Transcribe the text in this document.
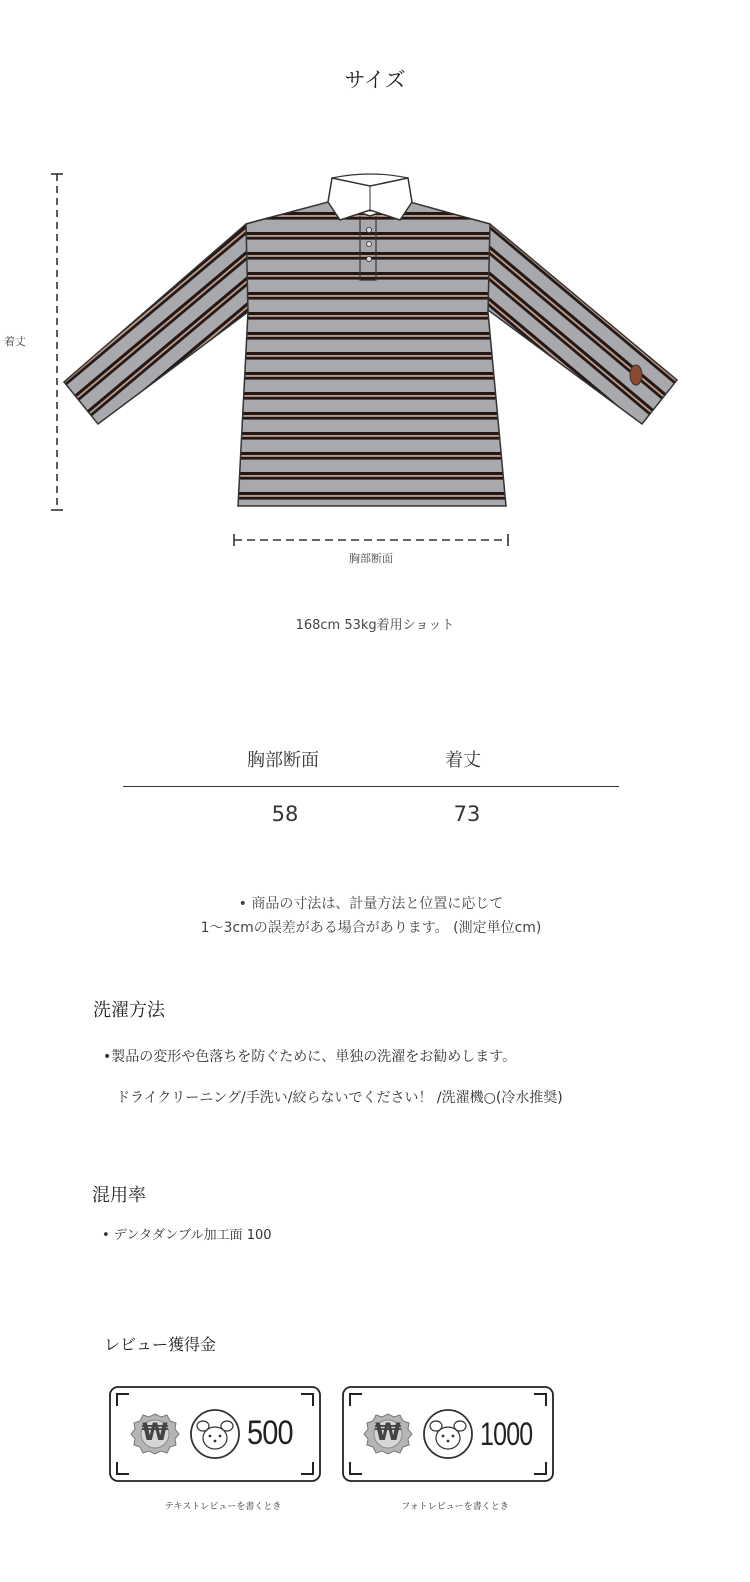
サイズ
着丈
胸部断面
168cm 53kg着用ショット
胸部断面	着丈
58	73
• 商品の寸法は、計量方法と位置に応じて
1～3cmの誤差がある場合があります。 (測定単位cm)
洗濯方法
•製品の変形や色落ちを防ぐために、単独の洗濯をお勧めします。
ドライクリーニング/手洗い/絞らないでください！ /洗濯機○(冷水推奨)
混用率
• デンタダンブル加工面 100
レビュー獲得金
₩ 500
テキストレビューを書くとき
₩ 1000
フォトレビューを書くとき
